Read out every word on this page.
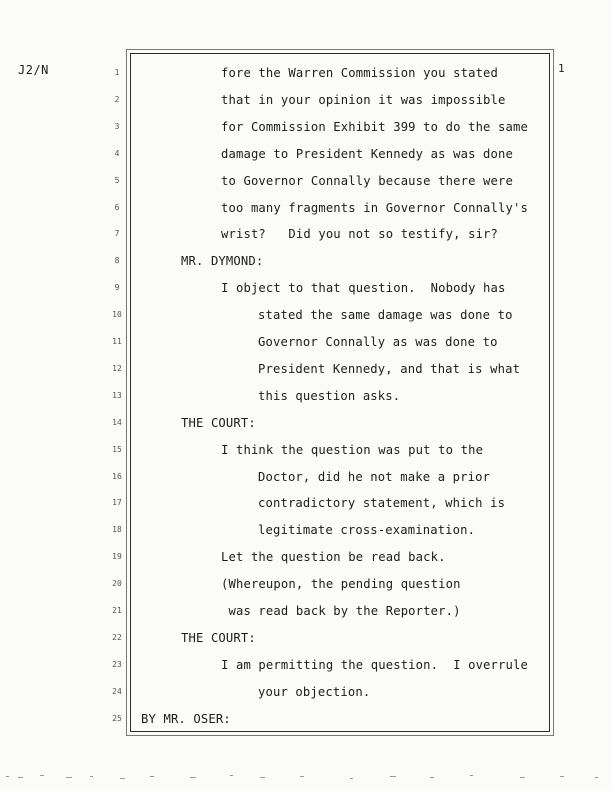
J2/N	1
1	fore the Warren Commission you stated
2	that in your opinion it was impossible
3	for Commission Exhibit 399 to do the same
4	damage to President Kennedy as was done
5	to Governor Connally because there were
6	too many fragments in Governor Connally's
7	wrist?   Did you not so testify, sir?
8	MR. DYMOND:
9	I object to that question.  Nobody has
10	stated the same damage was done to
11	Governor Connally as was done to
12	President Kennedy, and that is what
13	this question asks.
14	THE COURT:
15	I think the question was put to the
16	Doctor, did he not make a prior
17	contradictory statement, which is
18	legitimate cross-examination.
19	Let the question be read back.
20	(Whereupon, the pending question
21	was read back by the Reporter.)
22	THE COURT:
23	I am permitting the question.  I overrule
24	your objection.
25	BY MR. OSER:
